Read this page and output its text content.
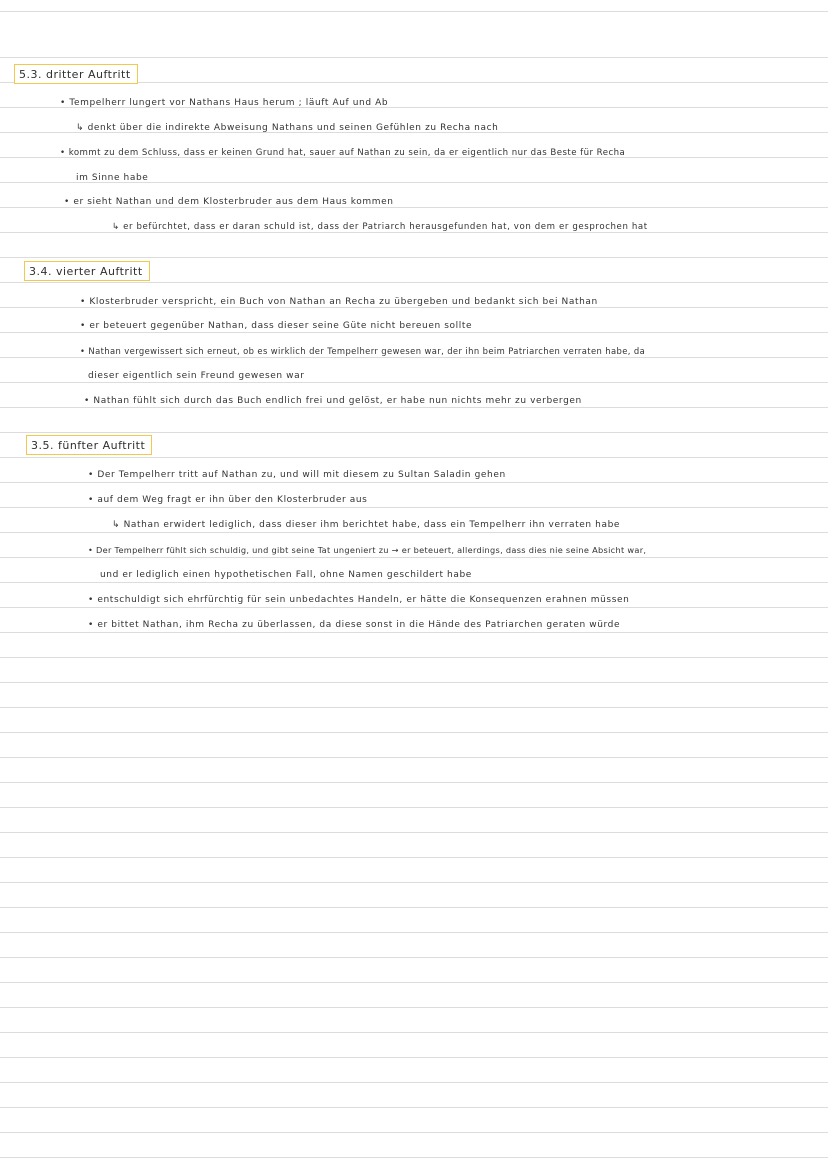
5.3. dritter Auftritt
• Tempelherr lungert vor Nathans Haus herum ; läuft Auf und Ab
↳ denkt über die indirekte Abweisung Nathans und seinen Gefühlen zu Recha nach
• kommt zu dem Schluss, dass er keinen Grund hat, sauer auf Nathan zu sein, da er eigentlich nur das Beste für Recha
im Sinne habe
• er sieht Nathan und dem Klosterbruder aus dem Haus kommen
↳ er befürchtet, dass er daran schuld ist, dass der Patriarch herausgefunden hat, von dem er gesprochen hat
3.4. vierter Auftritt
• Klosterbruder verspricht, ein Buch von Nathan an Recha zu übergeben und bedankt sich bei Nathan
• er beteuert gegenüber Nathan, dass dieser seine Güte nicht bereuen sollte
• Nathan vergewissert sich erneut, ob es wirklich der Tempelherr gewesen war, der ihn beim Patriarchen verraten habe, da
dieser eigentlich sein Freund gewesen war
• Nathan fühlt sich durch das Buch endlich frei und gelöst, er habe nun nichts mehr zu verbergen
3.5. fünfter Auftritt
• Der Tempelherr tritt auf Nathan zu, und will mit diesem zu Sultan Saladin gehen
• auf dem Weg fragt er ihn über den Klosterbruder aus
↳ Nathan erwidert lediglich, dass dieser ihm berichtet habe, dass ein Tempelherr ihn verraten habe
• Der Tempelherr fühlt sich schuldig, und gibt seine Tat ungeniert zu → er beteuert, allerdings, dass dies nie seine Absicht war,
und er lediglich einen hypothetischen Fall, ohne Namen geschildert habe
• entschuldigt sich ehrfürchtig für sein unbedachtes Handeln, er hätte die Konsequenzen erahnen müssen
• er bittet Nathan, ihm Recha zu überlassen, da diese sonst in die Hände des Patriarchen geraten würde
